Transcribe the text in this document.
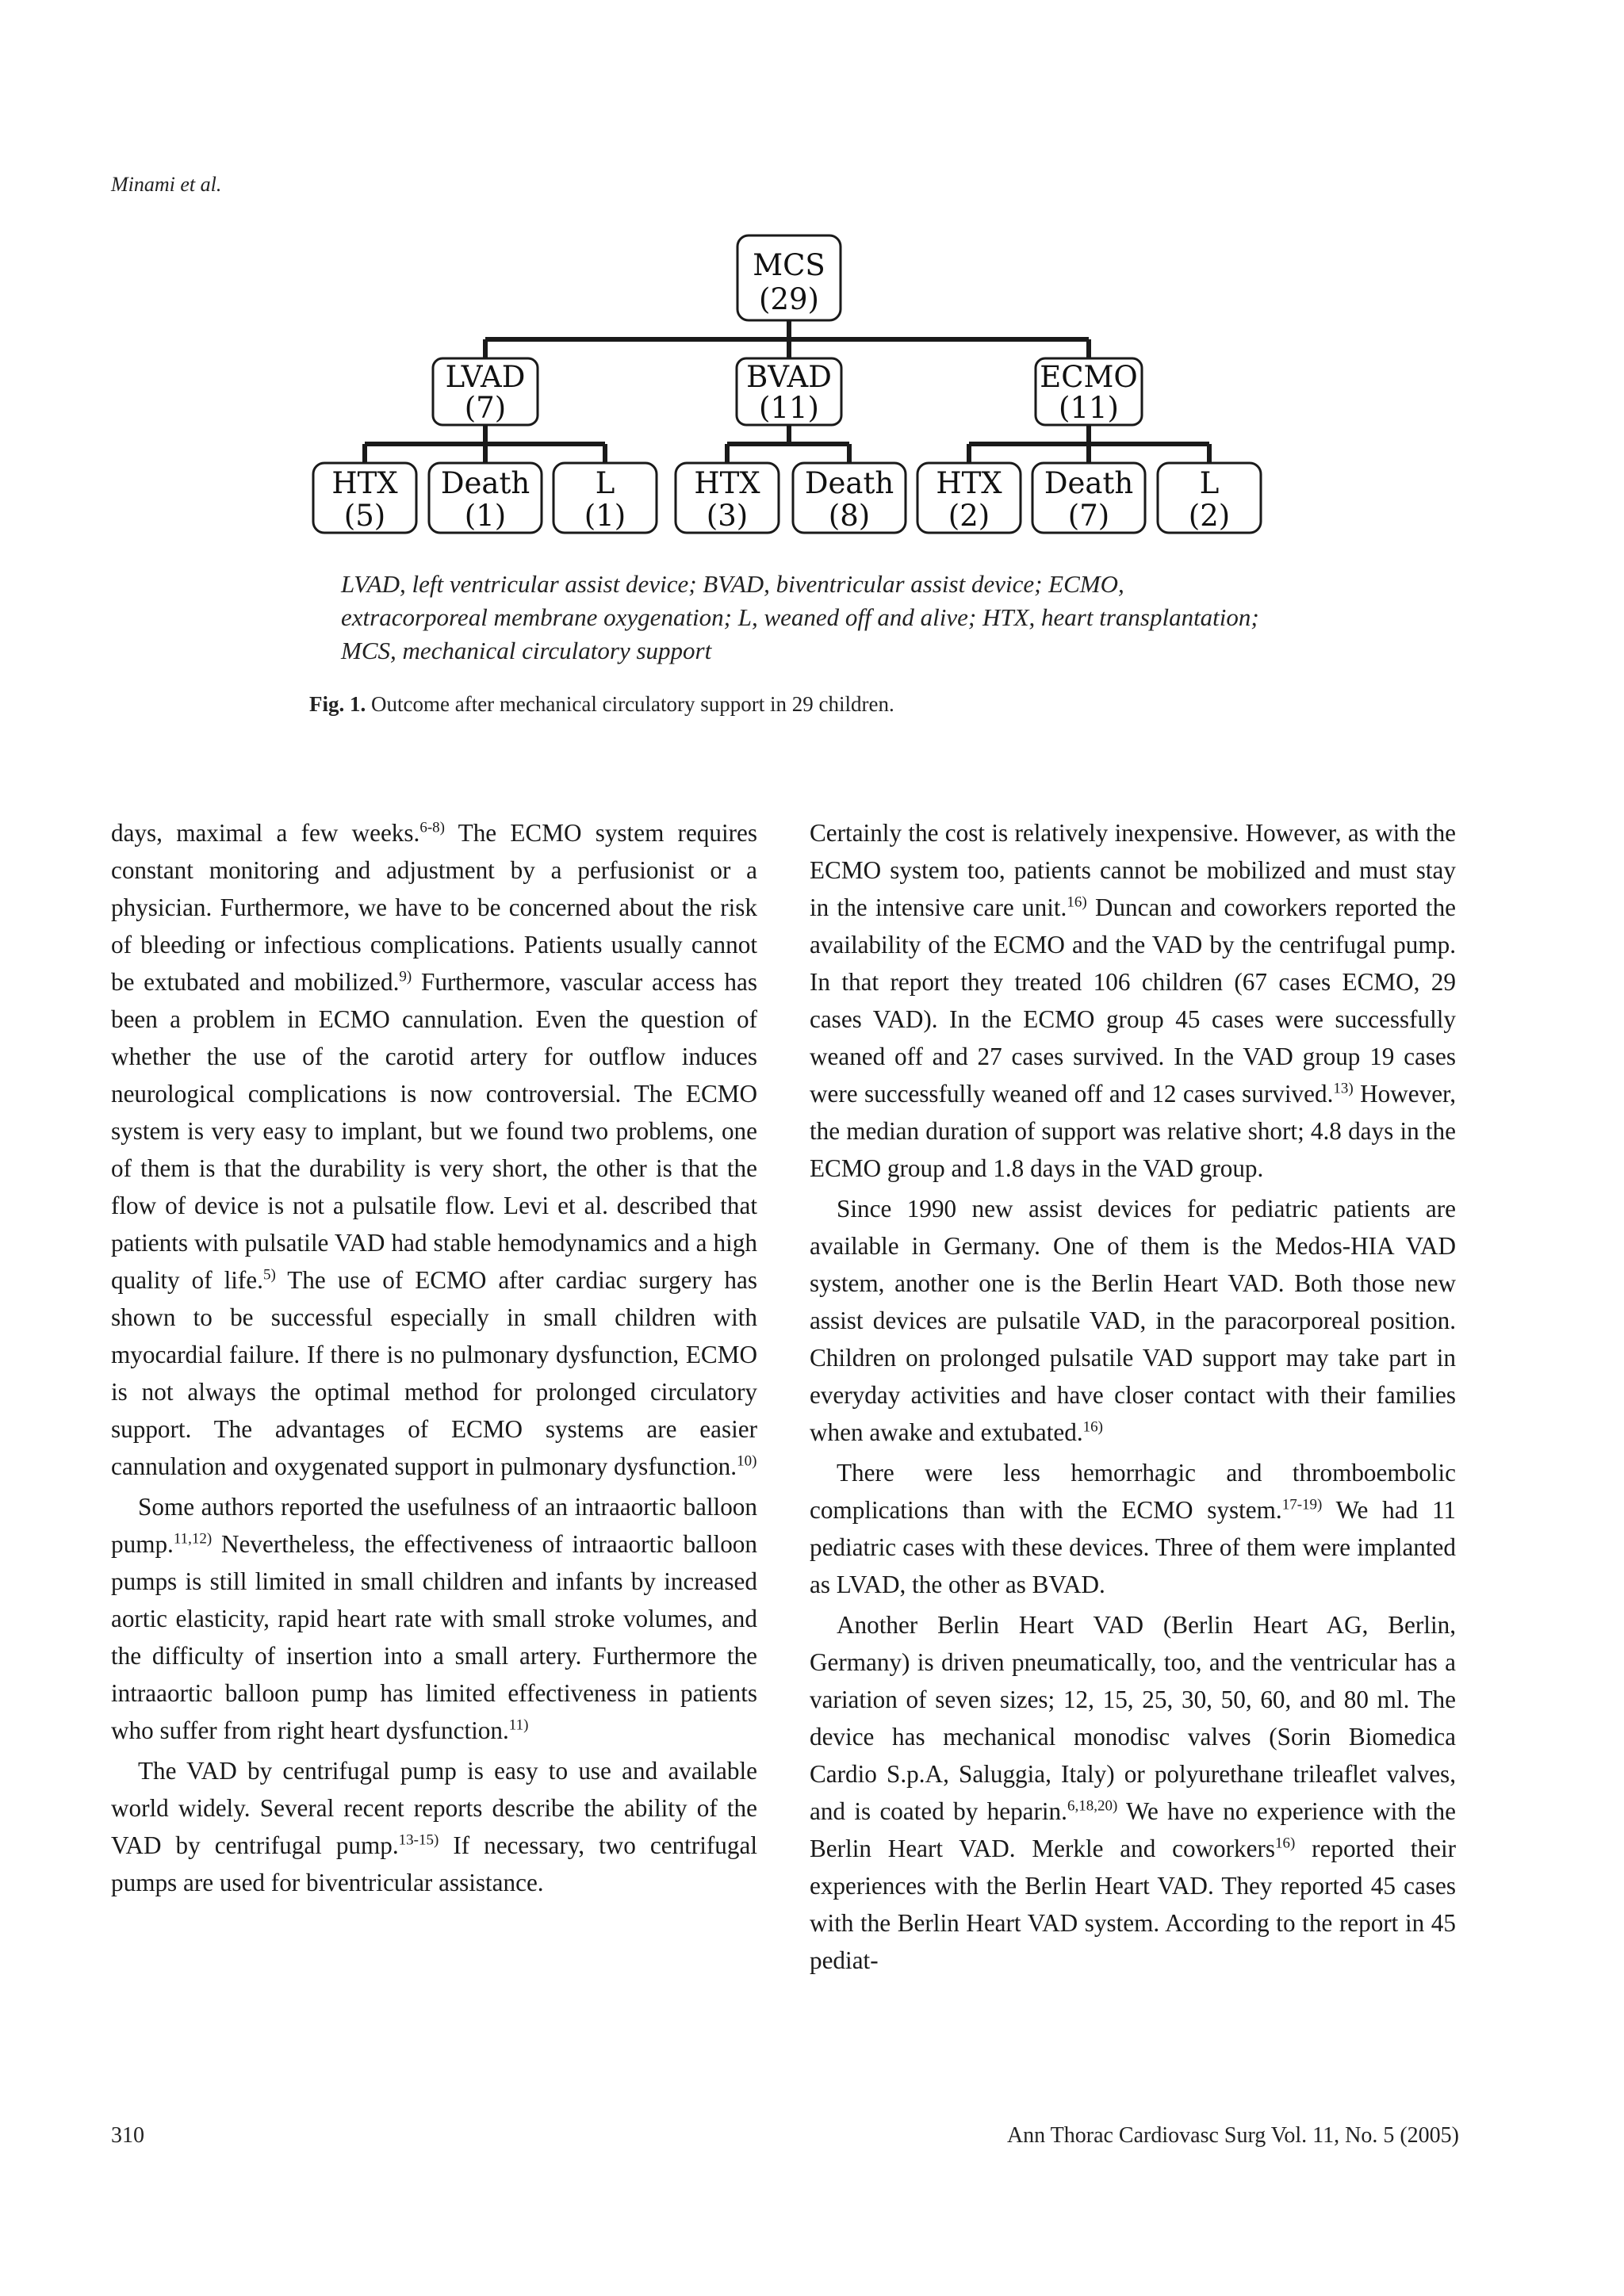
Minami et al.
MCS
(29)
LVAD
(7)
BVAD
(11)
ECMO
(11)
HTX
(5)
Death
(1)
L
(1)
HTX
(3)
Death
(8)
HTX
(2)
Death
(7)
L
(2)
LVAD, left ventricular assist device; BVAD, biventricular assist device; ECMO, extracorporeal membrane oxygenation; L, weaned off and alive; HTX, heart transplantation; MCS, mechanical circulatory support
Fig. 1. Outcome after mechanical circulatory support in 29 children.

days, maximal a few weeks.$^{6-8)}$ The ECMO system requires constant monitoring and adjustment by a perfusionist or a physician. Furthermore, we have to be concerned about the risk of bleeding or infectious complications. Patients usually cannot be extubated and mobilized.$^{9)}$ Furthermore, vascular access has been a problem in ECMO cannulation. Even the question of whether the use of the carotid artery for outflow induces neurological complications is now controversial. The ECMO system is very easy to implant, but we found two problems, one of them is that the durability is very short, the other is that the flow of device is not a pulsatile flow. Levi et al. described that patients with pulsatile VAD had stable hemodynamics and a high quality of life.$^{5)}$ The use of ECMO after cardiac surgery has shown to be successful especially in small children with myocardial failure. If there is no pulmonary dysfunction, ECMO is not always the optimal method for prolonged circulatory support. The advantages of ECMO systems are easier cannulation and oxygenated support in pulmonary dysfunction.$^{10)}$

Some authors reported the usefulness of an intraaortic balloon pump.$^{11,12)}$ Nevertheless, the effectiveness of intraaortic balloon pumps is still limited in small children and infants by increased aortic elasticity, rapid heart rate with small stroke volumes, and the difficulty of insertion into a small artery. Furthermore the intraaortic balloon pump has limited effectiveness in patients who suffer from right heart dysfunction.$^{11)}$

The VAD by centrifugal pump is easy to use and available world widely. Several recent reports describe the ability of the VAD by centrifugal pump.$^{13-15)}$ If necessary, two centrifugal pumps are used for biventricular assistance.

Certainly the cost is relatively inexpensive. However, as with the ECMO system too, patients cannot be mobilized and must stay in the intensive care unit.$^{16)}$ Duncan and coworkers reported the availability of the ECMO and the VAD by the centrifugal pump. In that report they treated 106 children (67 cases ECMO, 29 cases VAD). In the ECMO group 45 cases were successfully weaned off and 27 cases survived. In the VAD group 19 cases were successfully weaned off and 12 cases survived.$^{13)}$ However, the median duration of support was relative short; 4.8 days in the ECMO group and 1.8 days in the VAD group.

Since 1990 new assist devices for pediatric patients are available in Germany. One of them is the Medos-HIA VAD system, another one is the Berlin Heart VAD. Both those new assist devices are pulsatile VAD, in the paracorporeal position. Children on prolonged pulsatile VAD support may take part in everyday activities and have closer contact with their families when awake and extubated.$^{16)}$

There were less hemorrhagic and thromboembolic complications than with the ECMO system.$^{17-19)}$ We had 11 pediatric cases with these devices. Three of them were implanted as LVAD, the other as BVAD.

Another Berlin Heart VAD (Berlin Heart AG, Berlin, Germany) is driven pneumatically, too, and the ventricular has a variation of seven sizes; 12, 15, 25, 30, 50, 60, and 80 ml. The device has mechanical monodisc valves (Sorin Biomedica Cardio S.p.A, Saluggia, Italy) or polyurethane trileaflet valves, and is coated by heparin.$^{6,18,20)}$ We have no experience with the Berlin Heart VAD. Merkle and coworkers$^{16)}$ reported their experiences with the Berlin Heart VAD. They reported 45 cases with the Berlin Heart VAD system. According to the report in 45 pediat-

310	Ann Thorac Cardiovasc Surg Vol. 11, No. 5 (2005)
